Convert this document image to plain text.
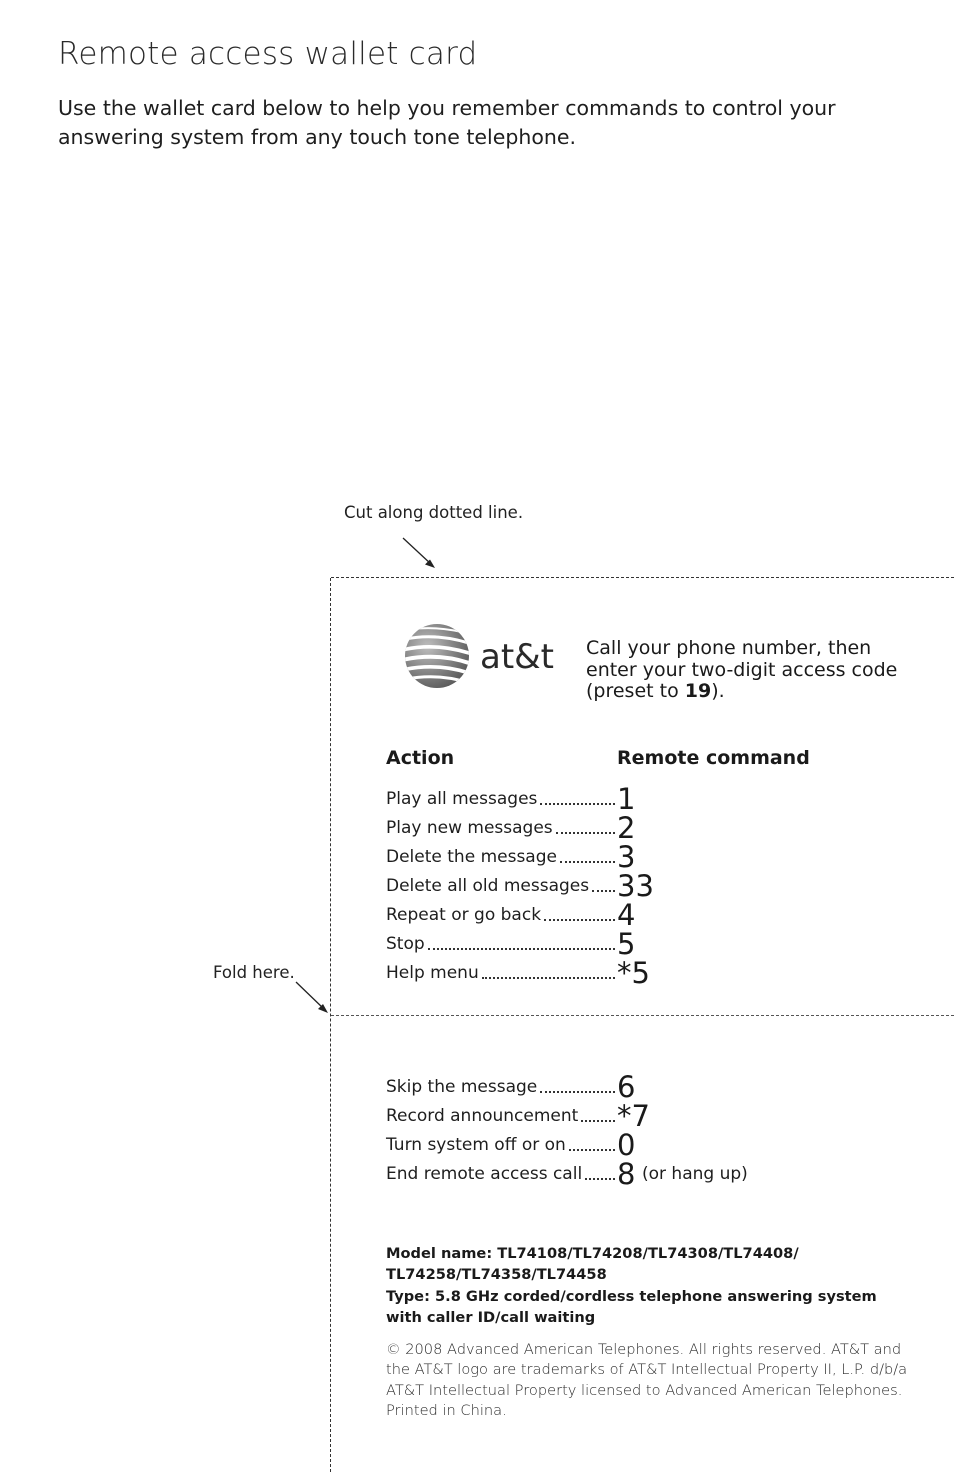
Remote access wallet card
Use the wallet card below to help you remember commands to control your answering system from any touch tone telephone.
Cut along dotted line.
Fold here.
at&t Call your phone number, then enter your two-digit access code (preset to 19).
Action	Remote command
Play all messages	1
Play new messages 2
Delete the message 3
Delete all old messages 33
Repeat or go back	4
Stop	5
Help menu	*5
Skip the message	6
Record announcement *7
Turn system off or on 0
End remote access call 8 (or hang up)
Model name: TL74108/TL74208/TL74308/TL74408/ TL74258/TL74358/TL74458
Type: 5.8 GHz corded/cordless telephone answering system with caller ID/call waiting
© 2008 Advanced American Telephones. All rights reserved. AT&T and the AT&T logo are trademarks of AT&T Intellectual Property II, L.P. d/b/a AT&T Intellectual Property licensed to Advanced American Telephones. Printed in China.
